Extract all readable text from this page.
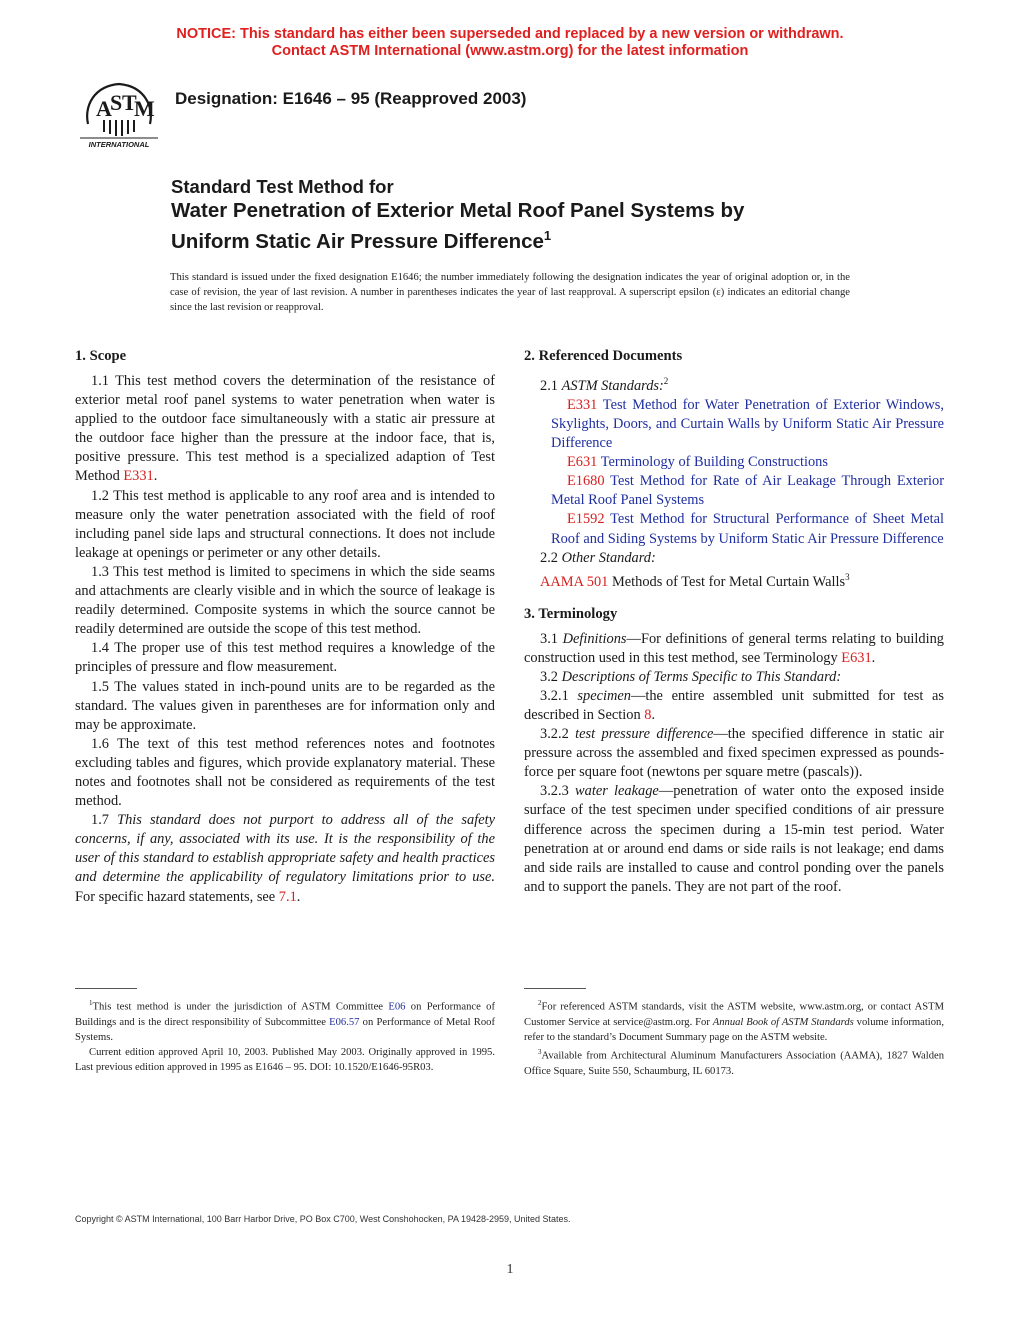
NOTICE: This standard has either been superseded and replaced by a new version or withdrawn.
Contact ASTM International (www.astm.org) for the latest information
A
S T
M
INTERNATIONAL
Designation: E1646 – 95 (Reapproved 2003)
Standard Test Method for
Water Penetration of Exterior Metal Roof Panel Systems by
Uniform Static Air Pressure Difference$^1$
This standard is issued under the fixed designation E1646; the number immediately following the designation indicates the year of original adoption or, in the case of revision, the year of last revision. A number in parentheses indicates the year of last reapproval. A superscript epsilon (ε) indicates an editorial change since the last revision or reapproval.
1. Scope

1.1 This test method covers the determination of the resistance of exterior metal roof panel systems to water penetration when water is applied to the outdoor face simultaneously with a static air pressure at the outdoor face higher than the pressure at the indoor face, that is, positive pressure. This test method is a specialized adaption of Test Method E331.

1.2 This test method is applicable to any roof area and is intended to measure only the water penetration associated with the field of roof including panel side laps and structural connections. It does not include leakage at openings or perimeter or any other details.

1.3 This test method is limited to specimens in which the side seams and attachments are clearly visible and in which the source of leakage is readily determined. Composite systems in which the source cannot be readily determined are outside the scope of this test method.

1.4 The proper use of this test method requires a knowledge of the principles of pressure and flow measurement.

1.5 The values stated in inch-pound units are to be regarded as the standard. The values given in parentheses are for information only and may be approximate.

1.6 The text of this test method references notes and footnotes excluding tables and figures, which provide explanatory material. These notes and footnotes shall not be considered as requirements of the test method.

1.7 This standard does not purport to address all of the safety concerns, if any, associated with its use. It is the responsibility of the user of this standard to establish appropriate safety and health practices and determine the applicability of regulatory limitations prior to use. For specific hazard statements, see 7.1.

2. Referenced Documents

2.1 ASTM Standards:$^2$

E331 Test Method for Water Penetration of Exterior Windows, Skylights, Doors, and Curtain Walls by Uniform Static Air Pressure Difference

E631 Terminology of Building Constructions

E1680 Test Method for Rate of Air Leakage Through Exterior Metal Roof Panel Systems

E1592 Test Method for Structural Performance of Sheet Metal Roof and Siding Systems by Uniform Static Air Pressure Difference

2.2 Other Standard:

AAMA 501 Methods of Test for Metal Curtain Walls$^3$

3. Terminology

3.1 Definitions—For definitions of general terms relating to building construction used in this test method, see Terminology E631.

3.2 Descriptions of Terms Specific to This Standard:

3.2.1 specimen—the entire assembled unit submitted for test as described in Section 8.

3.2.2 test pressure difference—the specified difference in static air pressure across the assembled and fixed specimen expressed as pounds-force per square foot (newtons per square metre (pascals)).

3.2.3 water leakage—penetration of water onto the exposed inside surface of the test specimen under specified conditions of air pressure difference across the specimen during a 15-min test period. Water penetration at or around end dams or side rails is not leakage; end dams and side rails are installed to cause and control ponding over the panels and to support the panels. They are not part of the roof.

$^1$This test method is under the jurisdiction of ASTM Committee E06 on Performance of Buildings and is the direct responsibility of Subcommittee E06.57 on Performance of Metal Roof Systems.

Current edition approved April 10, 2003. Published May 2003. Originally approved in 1995. Last previous edition approved in 1995 as E1646 – 95. DOI: 10.1520/E1646-95R03.

$^2$For referenced ASTM standards, visit the ASTM website, www.astm.org, or contact ASTM Customer Service at service@astm.org. For Annual Book of ASTM Standards volume information, refer to the standard’s Document Summary page on the ASTM website.

$^3$Available from Architectural Aluminum Manufacturers Association (AAMA), 1827 Walden Office Square, Suite 550, Schaumburg, IL 60173.

Copyright © ASTM International, 100 Barr Harbor Drive, PO Box C700, West Conshohocken, PA 19428-2959, United States.
1
